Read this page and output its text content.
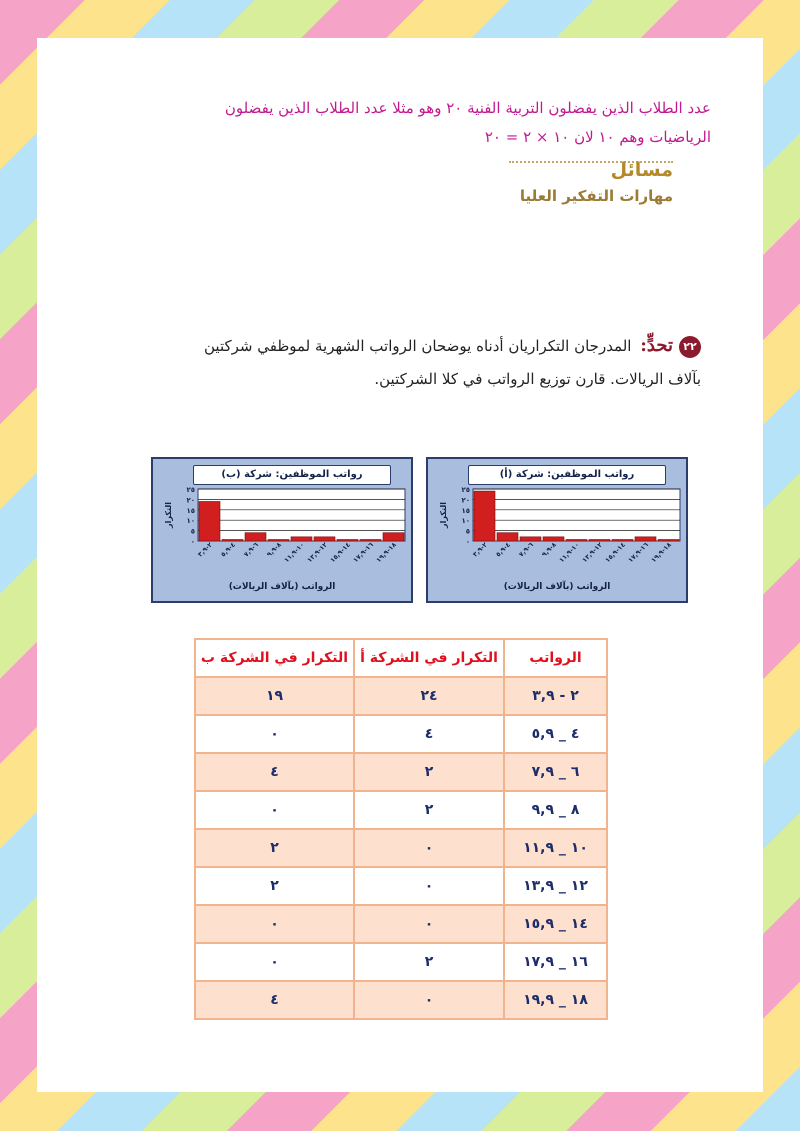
عدد الطلاب الذين يفضلون التربية الفنية ٢٠ وهو مثلا عدد الطلاب الذين يفضلون
الرياضيات وهم ١٠ لان ١٠ × ٢ = ٢٠
مسائل
مهارات التفكير العليا
٢٢تحدٍّ: المدرجان التكراريان أدناه يوضحان الرواتب الشهرية لموظفي شركتين بآلاف الريالات. قارن توزيع الرواتب في كلا الشركتين.
رواتب الموظفين: شركة (ب)
٠
٥
١٠
١٥
٢٠
٢٥
التكرار
٢-٣,٩
٤-٥,٩
٦-٧,٩
٨-٩,٩
١٠-١١,٩
١٢-١٣,٩
١٤-١٥,٩
١٦-١٧,٩
١٨-١٩,٩
الرواتب (بآلاف الريالات)
رواتب الموظفين: شركة (أ)
٠
٥
١٠
١٥
٢٠
٢٥
التكرار
٢-٣,٩
٤-٥,٩
٦-٧,٩
٨-٩,٩
١٠-١١,٩
١٢-١٣,٩
١٤-١٥,٩
١٦-١٧,٩
١٨-١٩,٩
الرواتب (بآلاف الريالات)
الرواتب	التكرار في الشركة أ	التكرار في الشركة ب
٢ - ٣,٩	٢٤	١٩
٤ _ ٥,٩	٤	٠
٦ _ ٧,٩	٢	٤
٨ _ ٩,٩	٢	٠
١٠ _ ١١,٩	٠	٢
١٢ _ ١٣,٩	٠	٢
١٤ _ ١٥,٩	٠	٠
١٦ _ ١٧,٩	٢	٠
١٨ _ ١٩,٩	٠	٤
